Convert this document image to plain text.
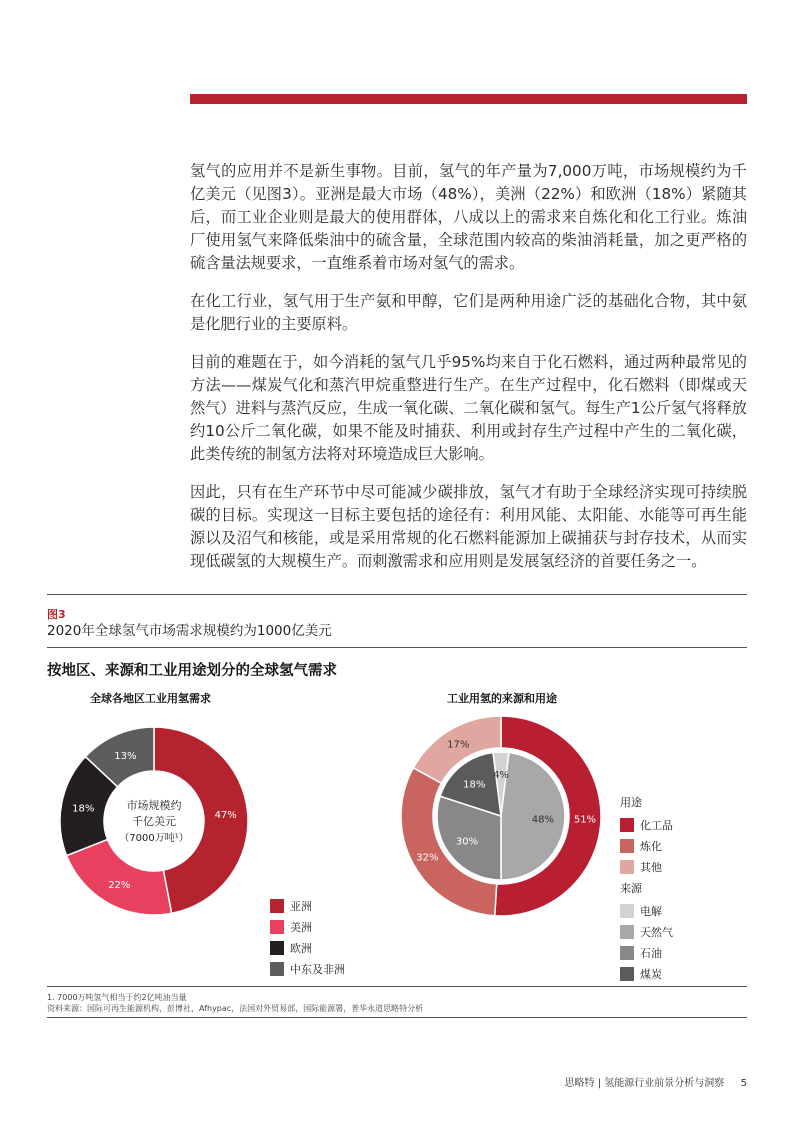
氢气的应用并不是新生事物。目前，氢气的年产量为7,000万吨，市场规模约为千亿美元（见图3）。亚洲是最大市场（48%），美洲（22%）和欧洲（18%）紧随其后，而工业企业则是最大的使用群体，八成以上的需求来自炼化和化工行业。炼油厂使用氢气来降低柴油中的硫含量，全球范围内较高的柴油消耗量，加之更严格的硫含量法规要求，一直维系着市场对氢气的需求。

在化工行业，氢气用于生产氨和甲醇，它们是两种用途广泛的基础化合物，其中氨是化肥行业的主要原料。

目前的难题在于，如今消耗的氢气几乎95%均来自于化石燃料，通过两种最常见的方法——煤炭气化和蒸汽甲烷重整进行生产。在生产过程中，化石燃料（即煤或天然气）进料与蒸汽反应，生成一氧化碳、二氧化碳和氢气。每生产1公斤氢气将释放约10公斤二氧化碳，如果不能及时捕获、利用或封存生产过程中产生的二氧化碳，此类传统的制氢方法将对环境造成巨大影响。

因此，只有在生产环节中尽可能减少碳排放，氢气才有助于全球经济实现可持续脱碳的目标。实现这一目标主要包括的途径有：利用风能、太阳能、水能等可再生能源以及沼气和核能，或是采用常规的化石燃料能源加上碳捕获与封存技术，从而实现低碳氢的大规模生产。而刺激需求和应用则是发展氢经济的首要任务之一。

图3
2020年全球氢气市场需求规模约为1000亿美元
按地区、来源和工业用途划分的全球氢气需求
全球各地区工业用氢需求
47%
22%
18%
13%
市场规模约
千亿美元
（7000万吨¹）
亚洲
美洲
欧洲
中东及非洲
工业用氢的来源和用途
51%
32%
17%
4%
48%
30%
18%
用途
化工品
炼化
其他
来源
电解
天然气
石油
煤炭
1. 7000万吨氢气相当于约2亿吨油当量
资料来源：国际可再生能源机构，彭博社，Afhypac，法国对外贸易部，国际能源署，普华永道思略特分析
思略特 | 氢能源行业前景分析与洞察 5
